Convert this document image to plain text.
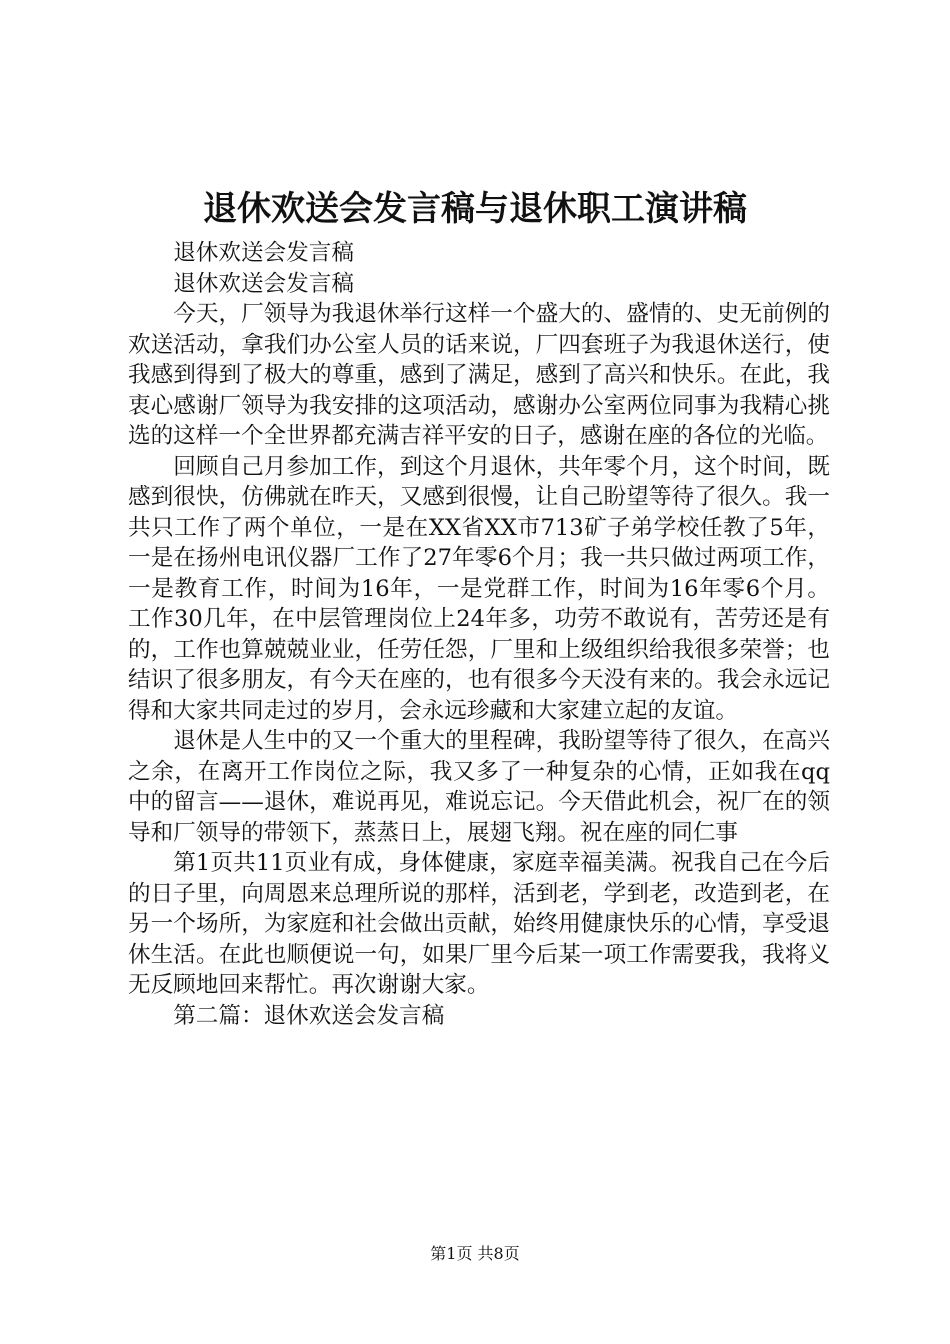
退休欢送会发言稿与退休职工演讲稿

退休欢送会发言稿

退休欢送会发言稿

今天，厂领导为我退休举行这样一个盛大的、盛情的、史无前例的欢送活动，拿我们办公室人员的话来说，厂四套班子为我退休送行，使我感到得到了极大的尊重，感到了满足，感到了高兴和快乐。在此，我衷心感谢厂领导为我安排的这项活动，感谢办公室两位同事为我精心挑选的这样一个全世界都充满吉祥平安的日子，感谢在座的各位的光临。

回顾自己月参加工作，到这个月退休，共年零个月，这个时间，既感到很快，仿佛就在昨天，又感到很慢，让自己盼望等待了很久。我一共只工作了两个单位，一是在XX省XX市713矿子弟学校任教了5年，一是在扬州电讯仪器厂工作了27年零6个月；我一共只做过两项工作，一是教育工作，时间为16年，一是党群工作，时间为16年零6个月。工作30几年，在中层管理岗位上24年多，功劳不敢说有，苦劳还是有的，工作也算兢兢业业，任劳任怨，厂里和上级组织给我很多荣誉；也结识了很多朋友，有今天在座的，也有很多今天没有来的。我会永远记得和大家共同走过的岁月，会永远珍藏和大家建立起的友谊。

退休是人生中的又一个重大的里程碑，我盼望等待了很久，在高兴之余，在离开工作岗位之际，我又多了一种复杂的心情，正如我在qq中的留言——退休，难说再见，难说忘记。今天借此机会，祝厂在的领导和厂领导的带领下，蒸蒸日上，展翅飞翔。祝在座的同仁事

第1页共11页业有成，身体健康，家庭幸福美满。祝我自己在今后的日子里，向周恩来总理所说的那样，活到老，学到老，改造到老，在另一个场所，为家庭和社会做出贡献，始终用健康快乐的心情，享受退休生活。在此也顺便说一句，如果厂里今后某一项工作需要我，我将义无反顾地回来帮忙。再次谢谢大家。

第二篇：退休欢送会发言稿

第1页 共8页
